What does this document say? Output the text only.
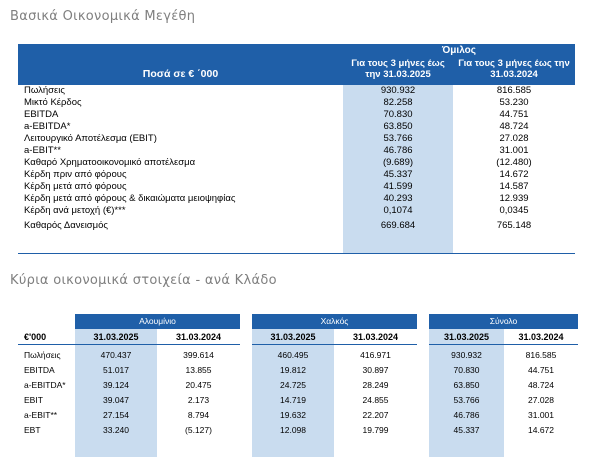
Βασικά Οικονομικά Μεγέθη
Ποσά σε € ΄000
Όμιλος
Για τους 3 μήνες έως την 31.03.2025
Για τους 3 μήνες έως την 31.03.2024
Πωλήσεις	930.932	816.585
Μικτό Κέρδος	82.258	53.230
EBITDA	70.830	44.751
a-EBITDA*	63.850	48.724
Λειτουργικό Αποτέλεσμα (EBIT)	53.766	27.028
a-EBIT**	46.786	31.001
Καθαρό Χρηματοοικονομικό αποτέλεσμα	(9.689)	(12.480)
Κέρδη πριν από φόρους	45.337	14.672
Κέρδη μετά από φόρους	41.599	14.587
Κέρδη μετά από φόρους & δικαιώματα μειοψηφίας	40.293	12.939
Κέρδη ανά μετοχή (€)***	0,1074	0,0345
Καθαρός Δανεισμός	669.684	765.148
Κύρια οικονομικά στοιχεία - ανά Κλάδο
Αλουμίνιο	Χαλκός	Σύνολο
€'000	31.03.2025	31.03.2024	31.03.2025	31.03.2024	31.03.2025	31.03.2024
Πωλήσεις	470.437	399.614	460.495	416.971	930.932	816.585
EBITDA	51.017	13.855	19.812	30.897	70.830	44.751
a-EBITDA*	39.124	20.475	24.725	28.249	63.850	48.724
EBIT	39.047	2.173	14.719	24.855	53.766	27.028
a-EBIT**	27.154	8.794	19.632	22.207	46.786	31.001
EBT	33.240	(5.127)	12.098	19.799	45.337	14.672
